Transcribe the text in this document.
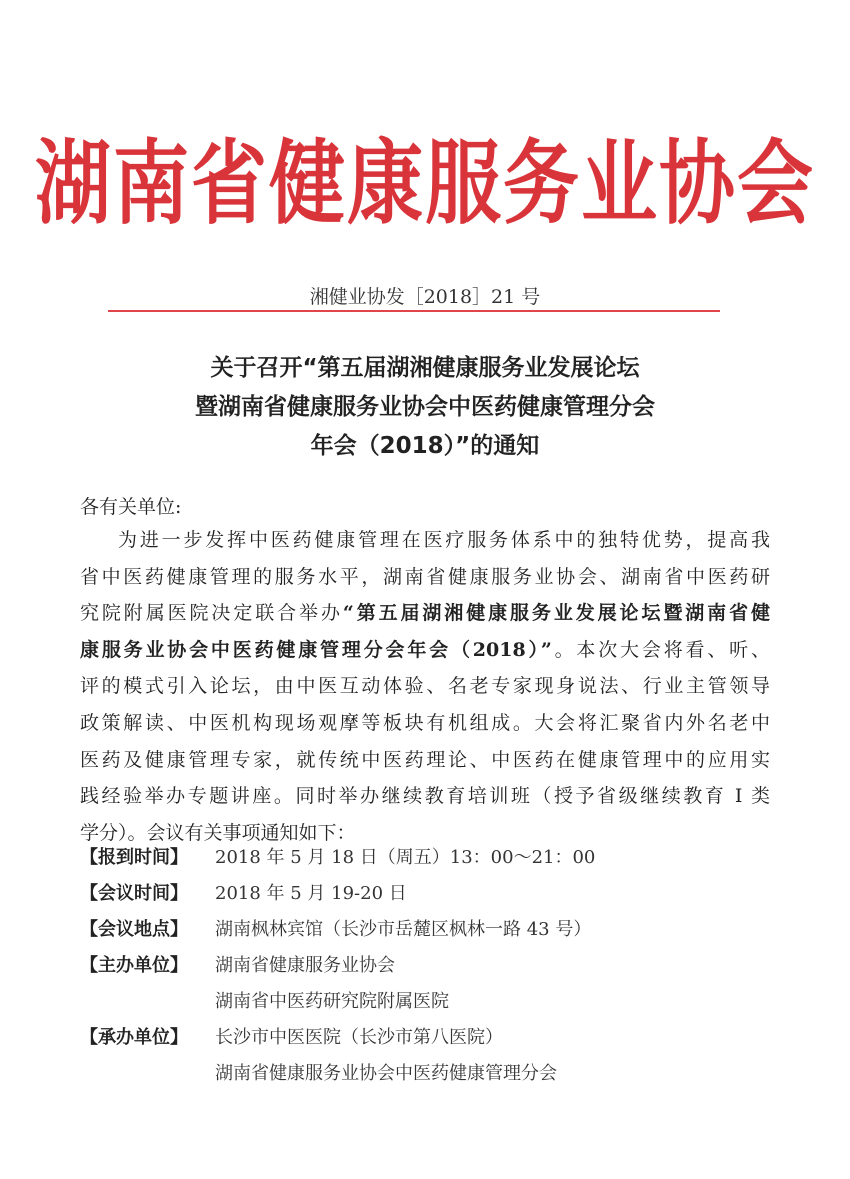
湖南省健康服务业协会
湘健业协发［2018］21 号
关于召开“第五届湖湘健康服务业发展论坛
暨湖南省健康服务业协会中医药健康管理分会
年会（2018）”的通知
各有关单位:
为进一步发挥中医药健康管理在医疗服务体系中的独特优势，提高我
省中医药健康管理的服务水平，湖南省健康服务业协会、湖南省中医药研
究院附属医院决定联合举办“第五届湖湘健康服务业发展论坛暨湖南省健
康服务业协会中医药健康管理分会年会（2018）”。本次大会将看、听、
评的模式引入论坛，由中医互动体验、名老专家现身说法、行业主管领导
政策解读、中医机构现场观摩等板块有机组成。大会将汇聚省内外名老中
医药及健康管理专家，就传统中医药理论、中医药在健康管理中的应用实
践经验举办专题讲座。同时举办继续教育培训班（授予省级继续教育 I 类
学分）。会议有关事项通知如下：
【报到时间】	2018 年 5 月 18 日（周五）13：00～21：00
【会议时间】	2018 年 5 月 19-20 日
【会议地点】	湖南枫林宾馆（长沙市岳麓区枫林一路 43 号）
【主办单位】	湖南省健康服务业协会
湖南省中医药研究院附属医院
【承办单位】	长沙市中医医院（长沙市第八医院）
湖南省健康服务业协会中医药健康管理分会
